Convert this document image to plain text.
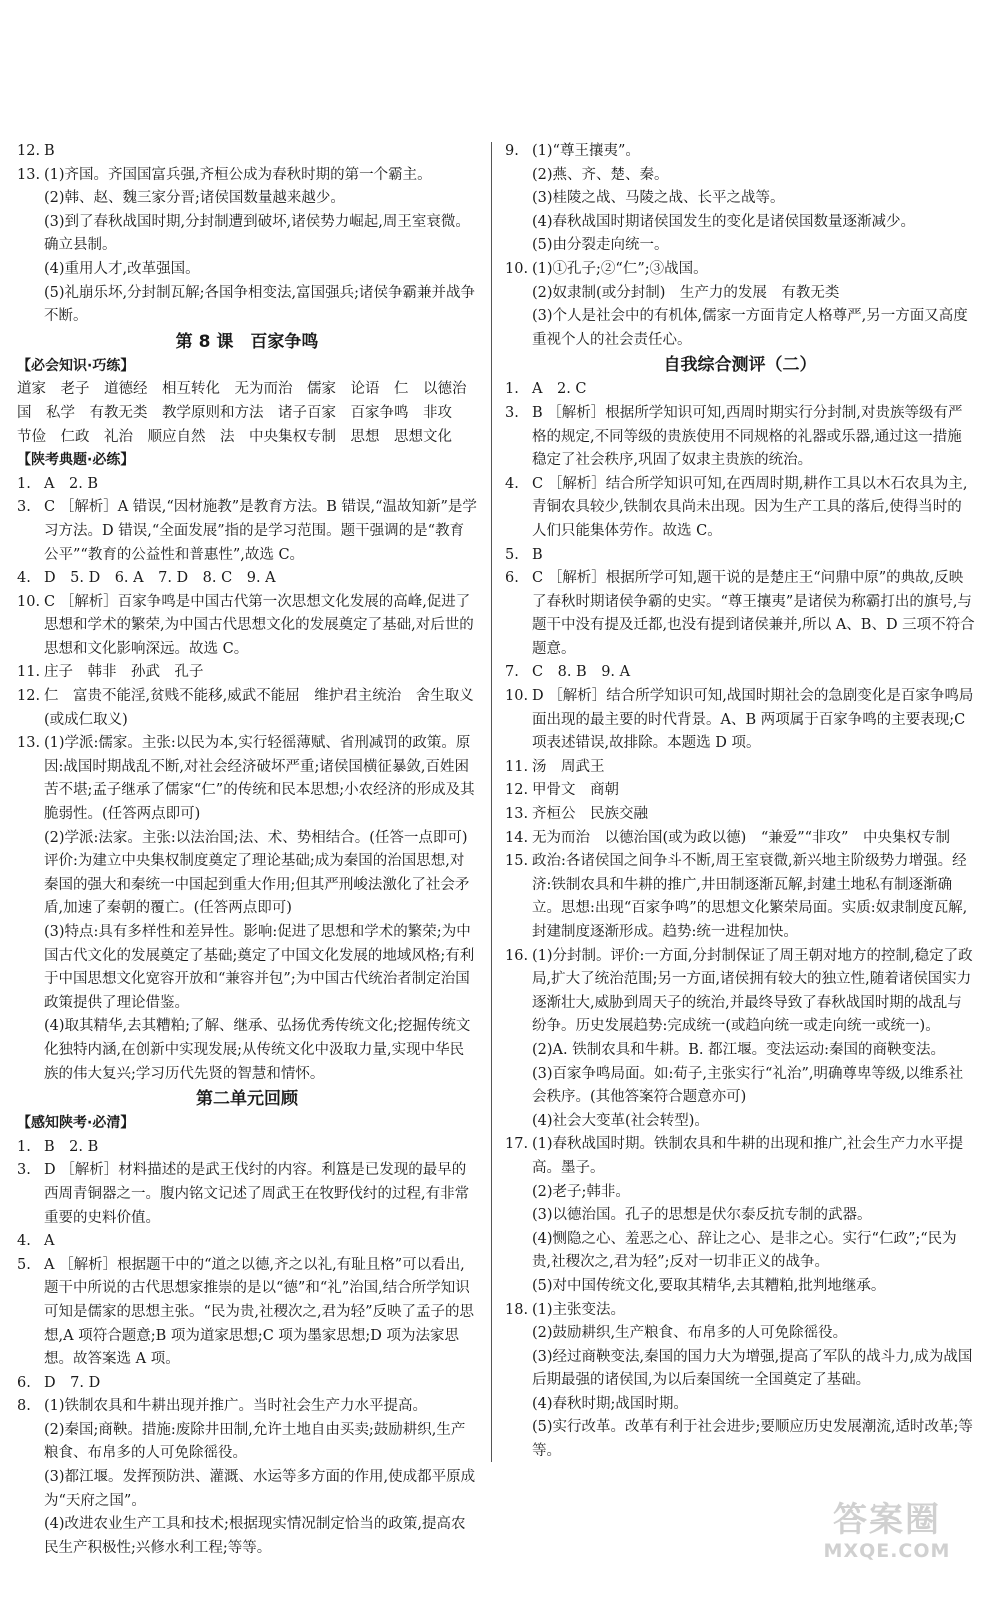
12. B
13. (1)齐国。齐国国富兵强,齐桓公成为春秋时期的第一个霸主。
(2)韩、赵、魏三家分晋;诸侯国数量越来越少。
(3)到了春秋战国时期,分封制遭到破坏,诸侯势力崛起,周王室衰微。确立县制。
(4)重用人才,改革强国。
(5)礼崩乐坏,分封制瓦解;各国争相变法,富国强兵;诸侯争霸兼并战争不断。
第 8 课　百家争鸣
【必会知识·巧练】
道家　老子　道德经　相互转化　无为而治　儒家　论语　仁　以德治国　私学　有教无类　教学原则和方法　诸子百家　百家争鸣　非攻　节俭　仁政　礼治　顺应自然　法　中央集权专制　思想　思想文化
【陕考典题·必练】
1. A　2. B
3. C ［解析］A 错误,“因材施教”是教育方法。B 错误,“温故知新”是学习方法。D 错误,“全面发展”指的是学习范围。题干强调的是“教育公平”“教育的公益性和普惠性”,故选 C。
4. D　5. D　6. A　7. D　8. C　9. A
10. C ［解析］百家争鸣是中国古代第一次思想文化发展的高峰,促进了思想和学术的繁荣,为中国古代思想文化的发展奠定了基础,对后世的思想和文化影响深远。故选 C。
11. 庄子　韩非　孙武　孔子
12. 仁　富贵不能淫,贫贱不能移,威武不能屈　维护君主统治　舍生取义(或成仁取义)
13. (1)学派:儒家。主张:以民为本,实行轻徭薄赋、省刑减罚的政策。原因:战国时期战乱不断,对社会经济破坏严重;诸侯国横征暴敛,百姓困苦不堪;孟子继承了儒家“仁”的传统和民本思想;小农经济的形成及其脆弱性。(任答两点即可)
(2)学派:法家。主张:以法治国;法、术、势相结合。(任答一点即可)评价:为建立中央集权制度奠定了理论基础;成为秦国的治国思想,对秦国的强大和秦统一中国起到重大作用;但其严刑峻法激化了社会矛盾,加速了秦朝的覆亡。(任答两点即可)
(3)特点:具有多样性和差异性。影响:促进了思想和学术的繁荣;为中国古代文化的发展奠定了基础;奠定了中国文化发展的地域风格;有利于中国思想文化宽容开放和“兼容并包”;为中国古代统治者制定治国政策提供了理论借鉴。
(4)取其精华,去其糟粕;了解、继承、弘扬优秀传统文化;挖掘传统文化独特内涵,在创新中实现发展;从传统文化中汲取力量,实现中华民族的伟大复兴;学习历代先贤的智慧和情怀。
第二单元回顾
【感知陕考·必清】
1. B　2. B
3. D ［解析］材料描述的是武王伐纣的内容。利簋是已发现的最早的西周青铜器之一。腹内铭文记述了周武王在牧野伐纣的过程,有非常重要的史料价值。
4. A
5. A ［解析］根据题干中的“道之以德,齐之以礼,有耻且格”可以看出,题干中所说的古代思想家推崇的是以“德”和“礼”治国,结合所学知识可知是儒家的思想主张。“民为贵,社稷次之,君为轻”反映了孟子的思想,A 项符合题意;B 项为道家思想;C 项为墨家思想;D 项为法家思想。故答案选 A 项。
6. D　7. D
8. (1)铁制农具和牛耕出现并推广。当时社会生产力水平提高。
(2)秦国;商鞅。措施:废除井田制,允许土地自由买卖;鼓励耕织,生产粮食、布帛多的人可免除徭役。
(3)都江堰。发挥预防洪、灌溉、水运等多方面的作用,使成都平原成为“天府之国”。
(4)改进农业生产工具和技术;根据现实情况制定恰当的政策,提高农民生产积极性;兴修水利工程;等等。
9. (1)“尊王攘夷”。
(2)燕、齐、楚、秦。
(3)桂陵之战、马陵之战、长平之战等。
(4)春秋战国时期诸侯国发生的变化是诸侯国数量逐渐减少。
(5)由分裂走向统一。
10. (1)①孔子;②“仁”;③战国。
(2)奴隶制(或分封制)　生产力的发展　有教无类
(3)个人是社会中的有机体,儒家一方面肯定人格尊严,另一方面又高度重视个人的社会责任心。
自我综合测评（二）
1. A　2. C
3. B ［解析］根据所学知识可知,西周时期实行分封制,对贵族等级有严格的规定,不同等级的贵族使用不同规格的礼器或乐器,通过这一措施稳定了社会秩序,巩固了奴隶主贵族的统治。
4. C ［解析］结合所学知识可知,在西周时期,耕作工具以木石农具为主,青铜农具较少,铁制农具尚未出现。因为生产工具的落后,使得当时的人们只能集体劳作。故选 C。
5. B
6. C ［解析］根据所学可知,题干说的是楚庄王“问鼎中原”的典故,反映了春秋时期诸侯争霸的史实。“尊王攘夷”是诸侯为称霸打出的旗号,与题干中没有提及迁都,也没有提到诸侯兼并,所以 A、B、D 三项不符合题意。
7. C　8. B　9. A
10. D ［解析］结合所学知识可知,战国时期社会的急剧变化是百家争鸣局面出现的最主要的时代背景。A、B 两项属于百家争鸣的主要表现;C 项表述错误,故排除。本题选 D 项。
11. 汤　周武王
12. 甲骨文　商朝
13. 齐桓公　民族交融
14. 无为而治　以德治国(或为政以德)　“兼爱”“非攻”　中央集权专制
15. 政治:各诸侯国之间争斗不断,周王室衰微,新兴地主阶级势力增强。经济:铁制农具和牛耕的推广,井田制逐渐瓦解,封建土地私有制逐渐确立。思想:出现“百家争鸣”的思想文化繁荣局面。实质:奴隶制度瓦解,封建制度逐渐形成。趋势:统一进程加快。
16. (1)分封制。评价:一方面,分封制保证了周王朝对地方的控制,稳定了政局,扩大了统治范围;另一方面,诸侯拥有较大的独立性,随着诸侯国实力逐渐壮大,威胁到周天子的统治,并最终导致了春秋战国时期的战乱与纷争。历史发展趋势:完成统一(或趋向统一或走向统一或统一)。
(2)A. 铁制农具和牛耕。B. 都江堰。变法运动:秦国的商鞅变法。
(3)百家争鸣局面。如:荀子,主张实行“礼治”,明确尊卑等级,以维系社会秩序。(其他答案符合题意亦可)
(4)社会大变革(社会转型)。
17. (1)春秋战国时期。铁制农具和牛耕的出现和推广,社会生产力水平提高。墨子。
(2)老子;韩非。
(3)以德治国。孔子的思想是伏尔泰反抗专制的武器。
(4)恻隐之心、羞恶之心、辞让之心、是非之心。实行“仁政”;“民为贵,社稷次之,君为轻”;反对一切非正义的战争。
(5)对中国传统文化,要取其精华,去其糟粕,批判地继承。
18. (1)主张变法。
(2)鼓励耕织,生产粮食、布帛多的人可免除徭役。
(3)经过商鞅变法,秦国的国力大为增强,提高了军队的战斗力,成为战国后期最强的诸侯国,为以后秦国统一全国奠定了基础。
(4)春秋时期;战国时期。
(5)实行改革。改革有利于社会进步;要顺应历史发展潮流,适时改革;等等。
答案圈
MXQE.COM
